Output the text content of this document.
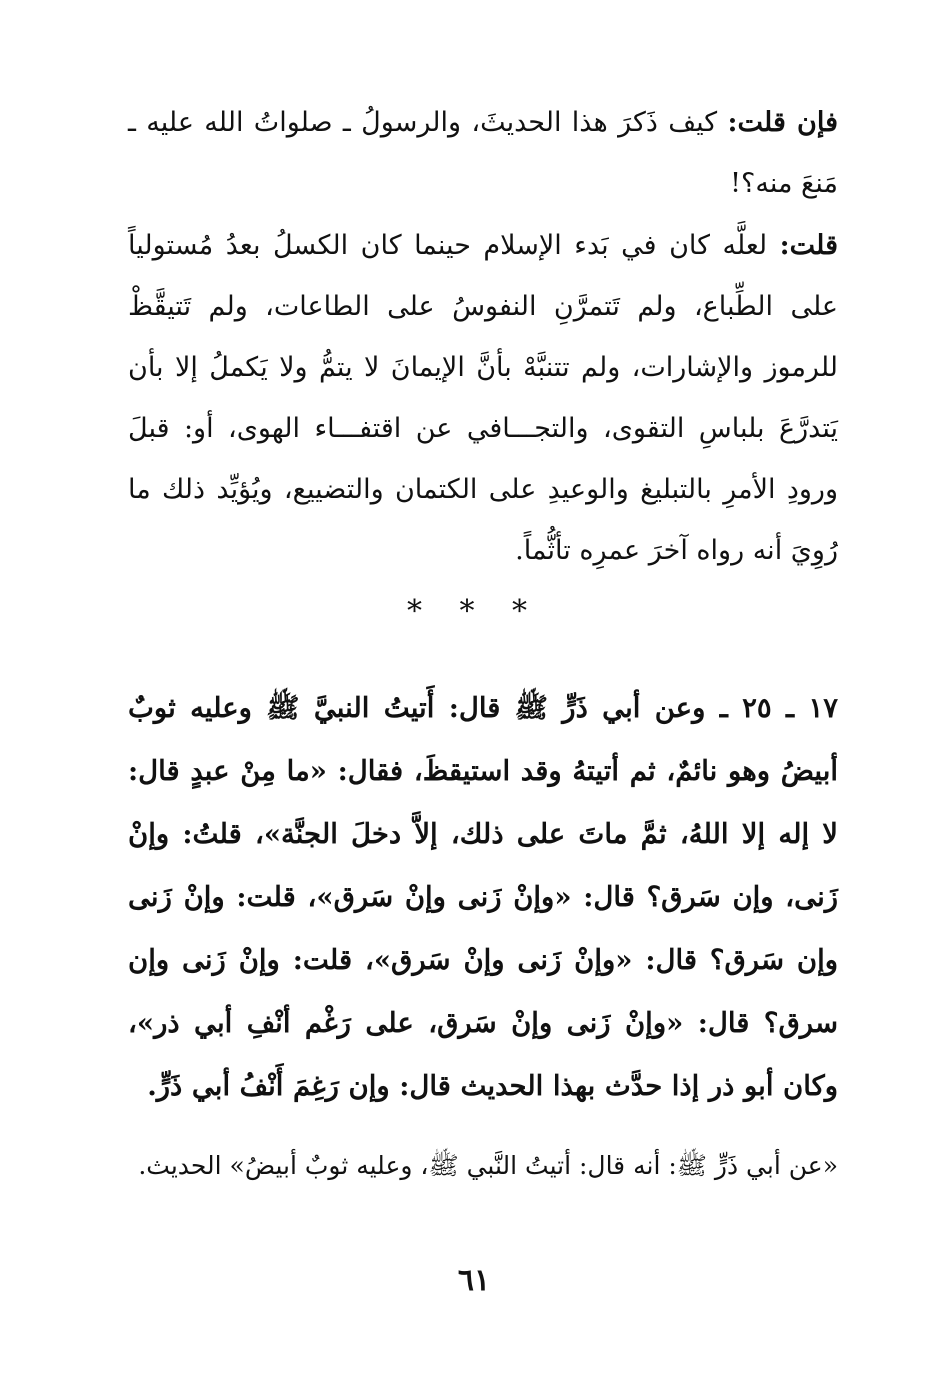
فإن قلت: كيف ذَكرَ هذا الحديثَ، والرسولُ ـ صلواتُ الله عليه ـ مَنعَ منه؟!

قلت: لعلَّه كان في بَدء الإسلام حينما كان الكسلُ بعدُ مُستولياً على الطِّباع، ولم تَتمرَّنِ النفوسُ على الطاعات، ولم تَتيقَّظْ للرموز والإشارات، ولم تتنبَّهْ بأنَّ الإيمانَ لا يتمُّ ولا يَكملُ إلا بأن يَتدرَّعَ بلباسِ التقوى، والتجـــافي عن اقتفـــاء الهوى، أو: قبلَ ورودِ الأمرِ بالتبليغ والوعيدِ على الكتمان والتضييع، ويُؤيِّد ذلك ما رُوِيَ أنه رواه آخرَ عمرِه تأثُّماً.

* * *

١٧ ـ ٢٥ ـ وعن أبي ذَرٍّ ﷺ قال: أَتيتُ النبيَّ ﷺ وعليه ثوبٌ أبيضُ وهو نائمٌ، ثم أتيتهُ وقد استيقظَ، فقال: «ما مِنْ عبدٍ قال: لا إله إلا اللهُ، ثمَّ ماتَ على ذلك، إلاَّ دخلَ الجنَّة»، قلتُ: وإنْ زَنى، وإن سَرق؟ قال: «وإنْ زَنى وإنْ سَرق»، قلت: وإنْ زَنى وإن سَرق؟ قال: «وإنْ زَنى وإنْ سَرق»، قلت: وإنْ زَنى وإن سرق؟ قال: «وإنْ زَنى وإنْ سَرق، على رَغْم أنْفِ أبي ذر»، وكان أبو ذر إذا حدَّث بهذا الحديث قال: وإن رَغِمَ أَنْفُ أبي ذَرٍّ.

«عن أبي ذَرٍّ ﷺ: أنه قال: أتيتُ النَّبي ﷺ، وعليه ثوبٌ أبيضُ» الحديث.

٦١
